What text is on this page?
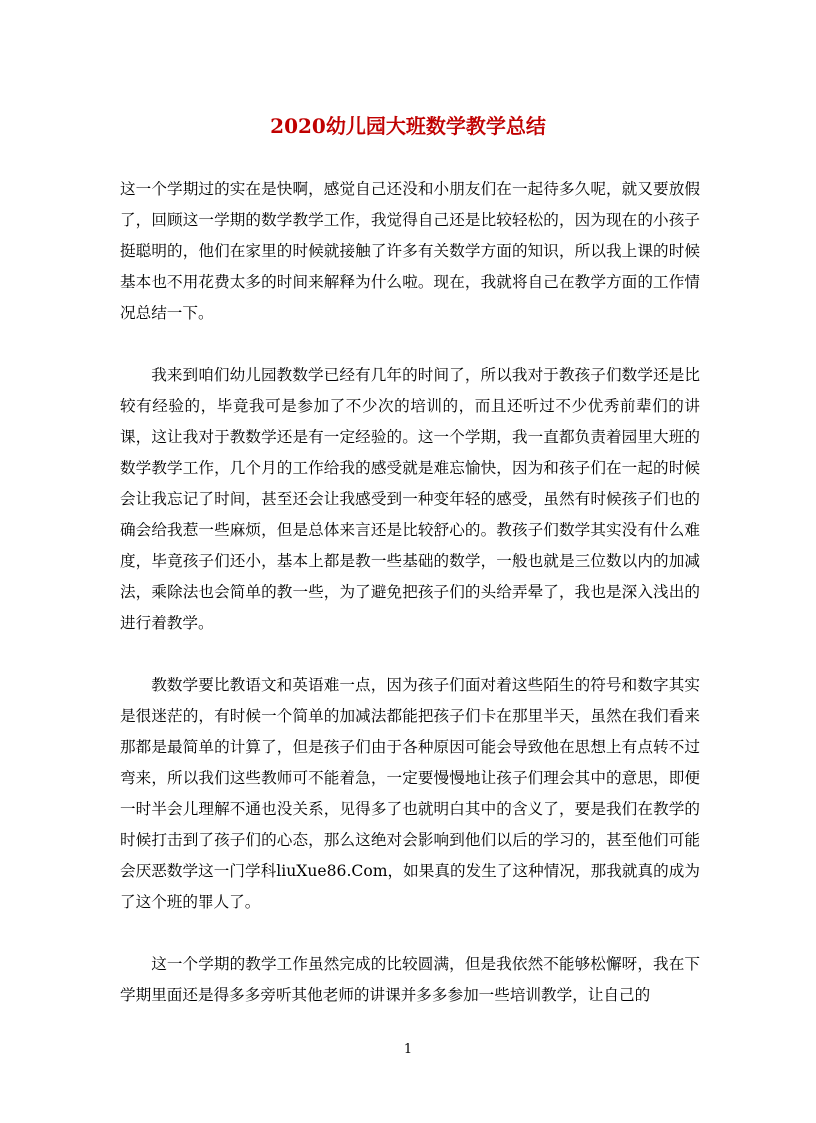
2020幼儿园大班数学教学总结

这一个学期过的实在是快啊，感觉自己还没和小朋友们在一起待多久呢，就又要放假了，回顾这一学期的数学教学工作，我觉得自己还是比较轻松的，因为现在的小孩子挺聪明的，他们在家里的时候就接触了许多有关数学方面的知识，所以我上课的时候基本也不用花费太多的时间来解释为什么啦。现在，我就将自己在教学方面的工作情况总结一下。

我来到咱们幼儿园教数学已经有几年的时间了，所以我对于教孩子们数学还是比较有经验的，毕竟我可是参加了不少次的培训的，而且还听过不少优秀前辈们的讲课，这让我对于教数学还是有一定经验的。这一个学期，我一直都负责着园里大班的数学教学工作，几个月的工作给我的感受就是难忘愉快，因为和孩子们在一起的时候会让我忘记了时间，甚至还会让我感受到一种变年轻的感受，虽然有时候孩子们也的确会给我惹一些麻烦，但是总体来言还是比较舒心的。教孩子们数学其实没有什么难度，毕竟孩子们还小，基本上都是教一些基础的数学，一般也就是三位数以内的加减法，乘除法也会简单的教一些，为了避免把孩子们的头给弄晕了，我也是深入浅出的进行着教学。

教数学要比教语文和英语难一点，因为孩子们面对着这些陌生的符号和数字其实是很迷茫的，有时候一个简单的加减法都能把孩子们卡在那里半天，虽然在我们看来那都是最简单的计算了，但是孩子们由于各种原因可能会导致他在思想上有点转不过弯来，所以我们这些教师可不能着急，一定要慢慢地让孩子们理会其中的意思，即便一时半会儿理解不通也没关系，见得多了也就明白其中的含义了，要是我们在教学的时候打击到了孩子们的心态，那么这绝对会影响到他们以后的学习的，甚至他们可能会厌恶数学这一门学科liuXue86.Com，如果真的发生了这种情况，那我就真的成为了这个班的罪人了。

这一个学期的教学工作虽然完成的比较圆满，但是我依然不能够松懈呀，我在下学期里面还是得多多旁听其他老师的讲课并多多参加一些培训教学，让自己的

1
